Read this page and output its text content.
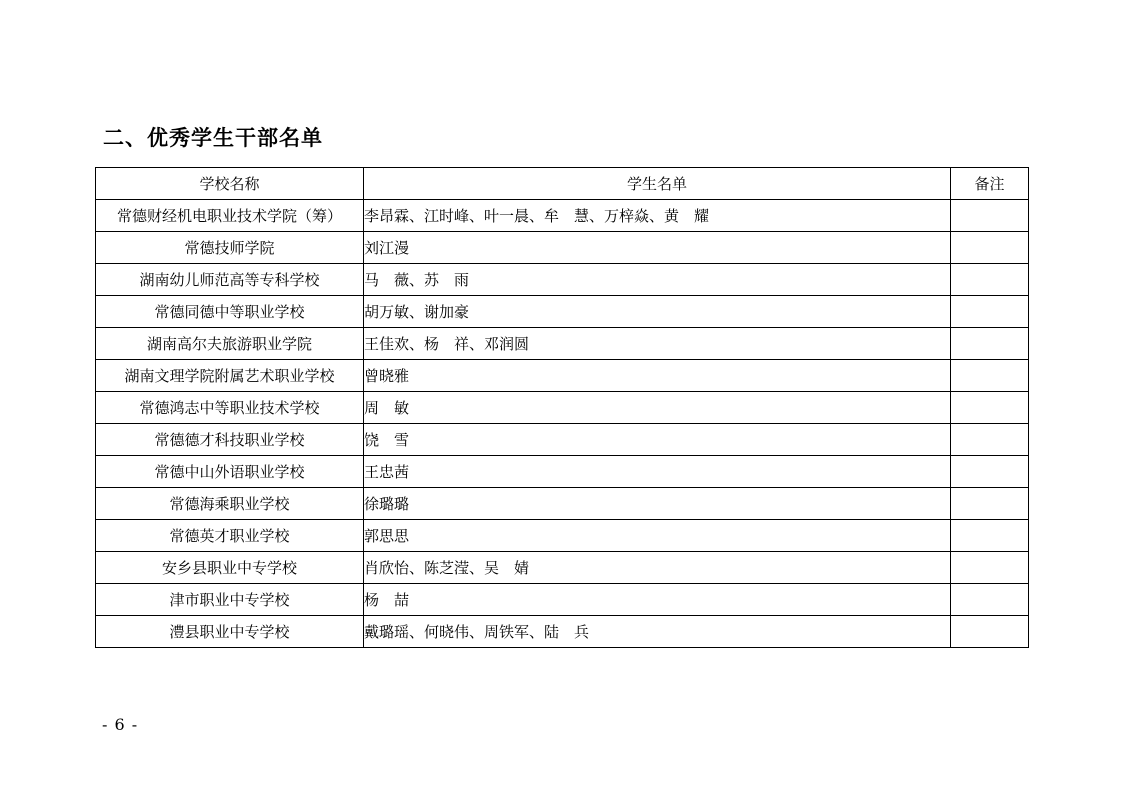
二、优秀学生干部名单
学校名称	学生名单	备注
常德财经机电职业技术学院（筹）	李昂霖、江时峰、叶一晨、牟　慧、万梓焱、黄　耀	
常德技师学院	刘江漫	
湖南幼儿师范高等专科学校	马　薇、苏　雨	
常德同德中等职业学校	胡万敏、谢加豪	
湖南高尔夫旅游职业学院	王佳欢、杨　祥、邓润圆	
湖南文理学院附属艺术职业学校	曾晓雅	
常德鸿志中等职业技术学校	周　敏	
常德德才科技职业学校	饶　雪	
常德中山外语职业学校	王忠茜	
常德海乘职业学校	徐璐璐	
常德英才职业学校	郭思思	
安乡县职业中专学校	肖欣怡、陈芝滢、吴　婧	
津市职业中专学校	杨　喆	
澧县职业中专学校	戴璐瑶、何晓伟、周铁军、陆　兵	
- 6 -
